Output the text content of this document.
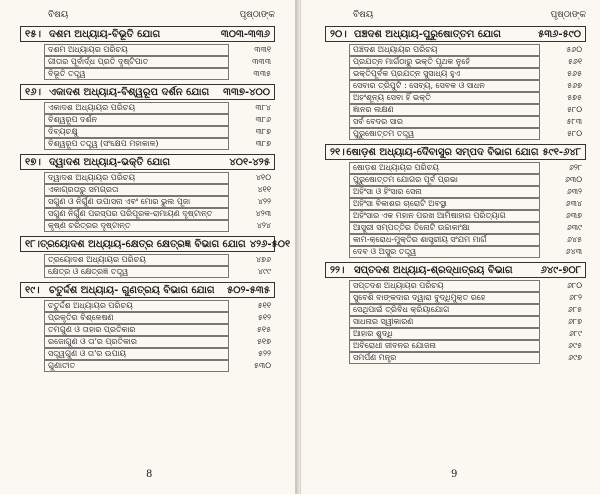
ବିଷୟ	ପୃଷ୍ଠାଙ୍କ
୧୫। ଦଶମ ଅଧ୍ୟାୟ-ବିଭୂତି ଯୋଗ	୩୦୩-୩୩୬
ଦଶମ ଅଧ୍ୟାୟର ପରିଚୟ	୩୩୧
ଗୀତାର ପୂର୍ବାର୍ଦ୍ଧ ପ୍ରତି ଦୃଷ୍ଟିପାତ	୩୩୩
ବିଭୂତି ତତ୍ତ୍ୱ	୩୩୫
୧୬। ଏକାଦଶ ଅଧ୍ୟାୟ-ବିଶ୍ୱରୂପ ଦର୍ଶନ ଯୋଗ	୩୩୭-୪୦୦
ଏକାଦଶ ଅଧ୍ୟାୟର ପରିଚୟ	୩୮୪
ବିଶ୍ୱରୂପ ଦର୍ଶନ	୩୮୬
ଦିବ୍ୟଚକ୍ଷୁ	୩୮୭
ବିଶ୍ୱରୂପ ତତ୍ତ୍ୱ (ସଂକ୍ଷେପ ମହାକାଳ)	୩୮୭
୧୭। ଦ୍ୱାଦଶ ଅଧ୍ୟାୟ-ଭକ୍ତି ଯୋଗ	୪୦୧-୪୨୫
ଦ୍ୱାଦଶ ଅଧ୍ୟାୟର ପରିଚୟ	୪୧୦
ଏକାଗ୍ରତାରୁ ସମଗ୍ରତା	୪୧୧
ସଗୁଣ ଓ ନିର୍ଗୁଣ ଉପାସନା ଏବଂ ମୋର ଭୁଲ ପୂଜା	୪୨୨
ସଗୁଣ ନିର୍ଗୁଣ ପରସ୍ପର ପରିପୂରକ-ରାମାୟଣ ଦୃଷ୍ଟାନ୍ତ	୪୨୩
କୃଷ୍ଣ ଚରିତ୍ରର ଦୃଷ୍ଟାନ୍ତ	୪୨୪
୧୮। ତ୍ରୟୋଦଶ ଅଧ୍ୟାୟ-କ୍ଷେତ୍ର କ୍ଷେତ୍ରଜ୍ଞ ବିଭାଗ ଯୋଗ ୪୨୬-୫୦୧
ତ୍ରୟୋଦଶ ଅଧ୍ୟାୟର ପରିଚୟ	୪୭୬
କ୍ଷେତ୍ର ଓ କ୍ଷେତ୍ରଜ୍ଞ ତତ୍ତ୍ୱ	୪୯୯
୧୯। ଚତୁର୍ଦ୍ଦଶ ଅଧ୍ୟାୟ- ଗୁଣତ୍ରୟ ବିଭାଗ ଯୋଗ	୫୦୨-୫୩୫
ଚତୁର୍ଦ୍ଦଶ ଅଧ୍ୟାୟର ପରିଚୟ	୫୧୧
ପ୍ରକୃତିର ବିଶ୍ଳେଷଣ	୫୧୨
ତମଗୁଣ ଓ ତାହାର ପ୍ରତିକାର	୫୧୫
ରଜୋଗୁଣ ଓ ତା'ର ପ୍ରତିକାର	୫୧୭
ସତ୍ତ୍ୱଗୁଣ ଓ ତା'ର ଉପାୟ	୫୨୨
ଗୁଣାତୀତ	୫୩୦
8
ବିଷୟ	ପୃଷ୍ଠାଙ୍କ
୨୦। ପଞ୍ଚଦଶ ଅଧ୍ୟାୟ-ପୁରୁଷୋତ୍ତମ ଯୋଗ	୫୩୬-୫୯୦
ପଞ୍ଚଦଶ ଅଧ୍ୟାୟର ପରିଚୟ	୫୬୦
ପ୍ରଯତ୍ନ ମାର୍ଗଠାରୁ ଭକ୍ତି ପୃଥକ ନୁହେଁ	୫୬୧
ଭକ୍ତିପୂର୍ବକ ପ୍ରଯତ୍ନ ସୁସାଧ୍ୟ ହୁଏ	୫୬୫
ସେବାର ତ୍ରିପୁଟି : ସେବ୍ୟ, ସେବକ ଓ ସାଧନ	୫୬୭
ଅହଂଶୂନ୍ୟ ସେବା ହିଁ ଭକ୍ତି	୫୭୫
ଜ୍ଞାନର ଲକ୍ଷଣ	୫୮୦
ସର୍ବ ବେଦର ସାର	୫୮୩
ପୁରୁଷୋତ୍ତମ ତତ୍ତ୍ୱ	୫୮୦
୨୧। ଷୋଡ଼ଶ ଅଧ୍ୟାୟ-ଦୈବାସୁର ସମ୍ପଦ ବିଭାଗ ଯୋଗ ୫୯୧-୬୪୮
ଷୋଡ଼ଶ ଅଧ୍ୟାୟର ପରିଚୟ	୬୨୮
ପୁରୁଷୋତ୍ତମ ଯୋଗର ପୂର୍ବ ପ୍ରଭା	୬୩୦
ଅହିଂସା ଓ ହିଂସାର ସେନା	୬୩୨
ଅହିଂସା ବିକାଶର ଚାରୋଟି ଅବସ୍ଥା	୬୩୪
ଅହିଂସାର ଏକ ମହାନ ପରଖ ଆମିଷାହାର ପରିତ୍ୟାଗ	୬୩୭
ଆସୁରୀ ସମ୍ପତ୍ତିର ତିନୋଟି ଉଚ୍ଚାକାଂକ୍ଷା	୬୩୯
କାମ-କ୍ରୋଧ-ମୁକ୍ତିର ଶାସ୍ତ୍ରୀୟ ସଂଯମ ମାର୍ଗ	୬୪୫
ଦେବ ଓ ଅସୁର ତତ୍ତ୍ୱ	୬୪୩
୨୨। ସପ୍ତଦଶ ଅଧ୍ୟାୟ-ଶ୍ରଦ୍ଧାତ୍ରୟ ବିଭାଗ	୬୪୯-୭୦୮
ସପ୍ତଦଶ ଅଧ୍ୟାୟର ପରିଚୟ	୬୮୦
ସୁବେଶି ବାଙ୍କଦାର ଦ୍ୱାରା ବୁଦ୍ଧିମୁକ୍ତ ରହେ	୬୮୨
ସେଥିପାଇଁ ତ୍ରିବିଧ କ୍ରିୟାଯୋଗ	୬୮୫
ସାଧନାର ସ୍ୱୀକାରଣ	୬୮୭
ଆହାର ଶୁଦ୍ଧି	୬୮୯
ଅବିରୋଧୀ ଜୀବନର ଯୋଜନା	୬୯୫
ସମର୍ପଣ ମନ୍ତ୍ର	୬୯୭
9
